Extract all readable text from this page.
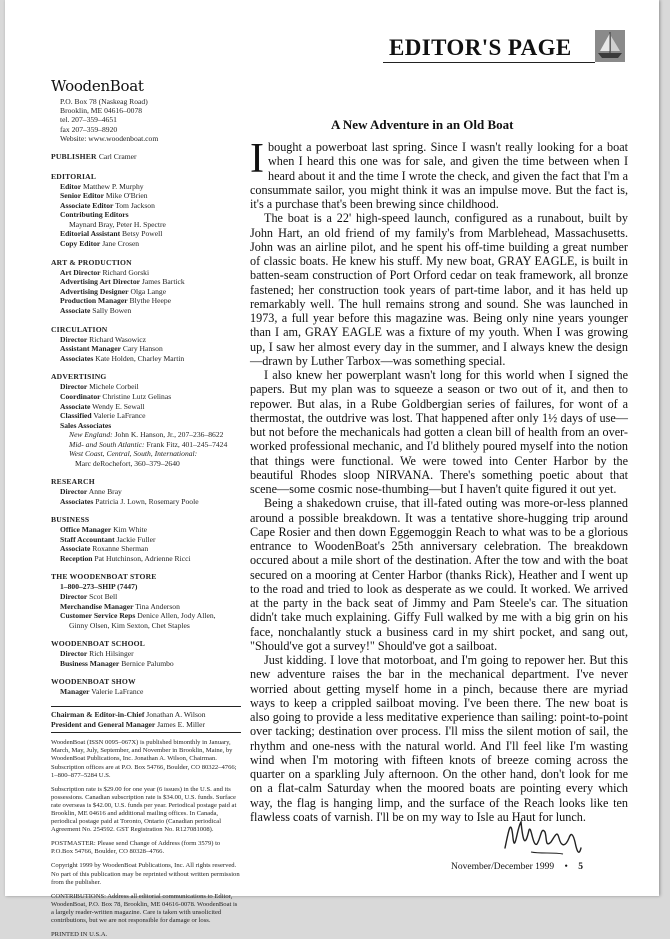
EDITOR'S PAGE
WoodenBoat
P.O. Box 78 (Naskeag Road)
Brooklin, ME 04616–0078
tel. 207–359–4651
fax 207–359–8920
Website: www.woodenboat.com
PUBLISHER Carl Cramer
EDITORIAL
Editor Matthew P. Murphy
Senior Editor Mike O'Brien
Associate Editor Tom Jackson
Contributing Editors
Maynard Bray, Peter H. Spectre
Editorial Assistant Betsy Powell
Copy Editor Jane Crosen
ART & PRODUCTION
Art Director Richard Gorski
Advertising Art Director James Bartick
Advertising Designer Olga Lange
Production Manager Blythe Heepe
Associate Sally Bowen
CIRCULATION
Director Richard Wasowicz
Assistant Manager Cary Hanson
Associates Kate Holden, Charley Martin
ADVERTISING
Director Michele Corbeil
Coordinator Christine Lutz Gelinas
Associate Wendy E. Sewall
Classified Valerie LaFrance
Sales Associates
New England: John K. Hanson, Jr., 207–236–8622
Mid- and South Atlantic: Frank Fitz, 401–245–7424
West Coast, Central, South, International:
Marc deRochefort, 360–379–2640
RESEARCH
Director Anne Bray
Associates Patricia J. Lown, Rosemary Poole
BUSINESS
Office Manager Kim White
Staff Accountant Jackie Fuller
Associate Roxanne Sherman
Reception Pat Hutchinson, Adrienne Ricci
THE WOODENBOAT STORE
1–800–273–SHIP (7447)
Director Scot Bell
Merchandise Manager Tina Anderson
Customer Service Reps Denice Allen, Jody Allen,
Ginny Olsen, Kim Sexton, Chet Staples
WOODENBOAT SCHOOL
Director Rich Hilsinger
Business Manager Bernice Palumbo
WOODENBOAT SHOW
Manager Valerie LaFrance
Chairman & Editor-in-Chief Jonathan A. Wilson
President and General Manager James E. Miller
WoodenBoat (ISSN 0095–067X) is published bimonthly in January, March, May, July, September, and November in Brooklin, Maine, by WoodenBoat Publications, Inc. Jonathan A. Wilson, Chairman. Subscription offices are at P.O. Box 54766, Boulder, CO 80322–4766; 1–800–877–5284 U.S.
Subscription rate is $29.00 for one year (6 issues) in the U.S. and its possessions. Canadian subscription rate is $34.00, U.S. funds. Surface rate overseas is $42.00, U.S. funds per year. Periodical postage paid at Brooklin, ME 04616 and additional mailing offices. In Canada, periodical postage paid at Toronto, Ontario (Canadian periodical Agreement No. 254592. GST Registration No. R127081008).
POSTMASTER: Please send Change of Address (form 3579) to P.O.Box 54766, Boulder, CO 80328–4766.
Copyright 1999 by WoodenBoat Publications, Inc. All rights reserved. No part of this publication may be reprinted without written permission from the publisher.
CONTRIBUTIONS: Address all editorial communications to Editor, WoodenBoat, P.O. Box 78, Brooklin, ME 04616-0078. WoodenBoat is a largely reader-written magazine. Care is taken with unsolicited contributions, but we are not responsible for damage or loss.
PRINTED IN U.S.A.
A New Adventure in an Old Boat

Ibought a powerboat last spring. Since I wasn't really looking for a boat when I heard this one was for sale, and given the time between when I heard about it and the time I wrote the check, and given the fact that I'm a consummate sailor, you might think it was an impulse move. But the fact is, it's a purchase that's been brewing since childhood.

The boat is a 22' high-speed launch, configured as a runabout, built by John Hart, an old friend of my family's from Marblehead, Massachusetts. John was an airline pilot, and he spent his off-time building a great number of classic boats. He knew his stuff. My new boat, GRAY EAGLE, is built in batten-seam construction of Port Orford cedar on teak framework, all bronze fastened; her construction took years of part-time labor, and it has held up remarkably well. The hull remains strong and sound. She was launched in 1973, a full year before this magazine was. Being only nine years younger than I am, GRAY EAGLE was a fixture of my youth. When I was growing up, I saw her almost every day in the summer, and I always knew the design—drawn by Luther Tarbox—was something special.

I also knew her powerplant wasn't long for this world when I signed the papers. But my plan was to squeeze a season or two out of it, and then to repower. But alas, in a Rube Goldbergian series of failures, for wont of a thermostat, the outdrive was lost. That happened after only 1½ days of use—but not before the mechanicals had gotten a clean bill of health from an over-worked professional mechanic, and I'd blithely poured myself into the notion that things were functional. We were towed into Center Harbor by the beautiful Rhodes sloop NIRVANA. There's something poetic about that scene—some cosmic nose-thumbing—but I haven't quite figured it out yet.

Being a shakedown cruise, that ill-fated outing was more-or-less planned around a possible breakdown. It was a tentative shore-hugging trip around Cape Rosier and then down Eggemoggin Reach to what was to be a glorious entrance to WoodenBoat's 25th anniversary celebration. The breakdown occured about a mile short of the destination. After the tow and with the boat secured on a mooring at Center Harbor (thanks Rick), Heather and I went up to the road and tried to look as desperate as we could. It worked. We arrived at the party in the back seat of Jimmy and Pam Steele's car. The situation didn't take much explaining. Giffy Full walked by me with a big grin on his face, nonchalantly stuck a business card in my shirt pocket, and sang out, "Should've got a survey!" Should've got a sailboat.

Just kidding. I love that motorboat, and I'm going to repower her. But this new adventure raises the bar in the mechanical department. I've never worried about getting myself home in a pinch, because there are myriad ways to keep a crippled sailboat moving. I've been there. The new boat is also going to provide a less meditative experience than sailing: point-to-point over tacking; destination over process. I'll miss the silent motion of sail, the rhythm and one-ness with the natural world. And I'll feel like I'm wasting wind when I'm motoring with fifteen knots of breeze coming across the quarter on a sparkling July afternoon. On the other hand, don't look for me on a flat-calm Saturday when the moored boats are pointing every which way, the flag is hanging limp, and the surface of the Reach looks like ten flawless coats of varnish. I'll be on my way to Isle au Haut for lunch.

November/December 1999 • 5
